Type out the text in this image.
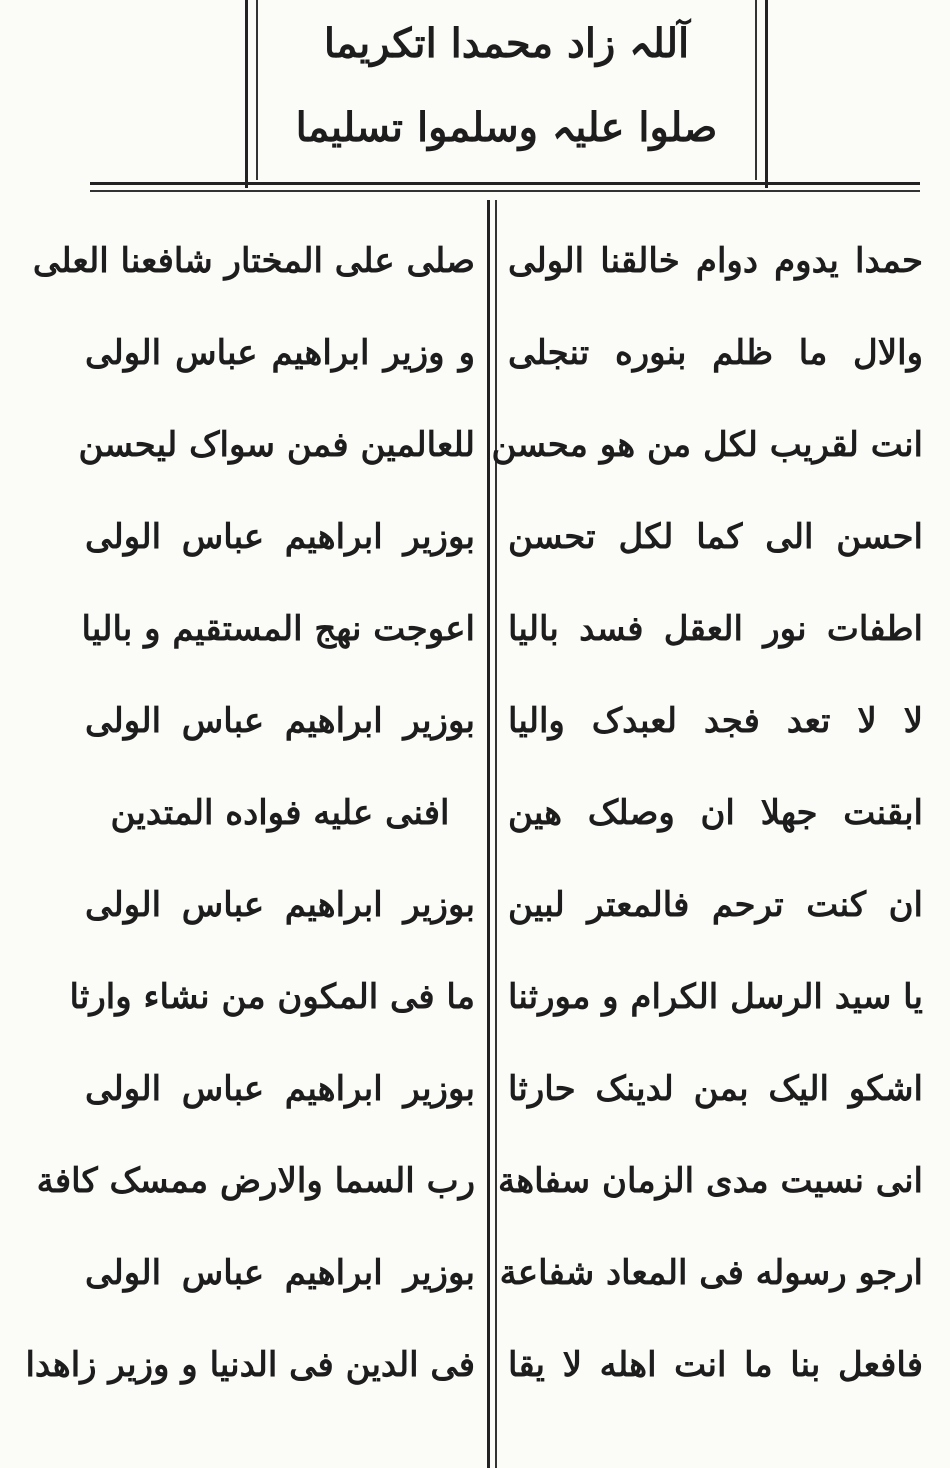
آللہ زاد محمدا اتکریما
صلوا علیہ وسلموا تسلیما
حمدا یدوم دوام خالقنا الولی
والال ما ظلم بنوره تنجلی
انت لقریب لکل من هو محسن
احسن الی کما لکل تحسن
اطفات نور العقل فسد بالیا
لا لا تعد فجد لعبدک والیا
ابقنت جهلا ان وصلک هین
ان کنت ترحم فالمعتر لبین
یا سید الرسل الکرام و مورثنا
اشکو الیک بمن لدینک حارثا
انی نسیت مدی الزمان سفاهة
ارجو رسوله فی المعاد شفاعة
فافعل بنا ما انت اهله لا یقا
صلی علی المختار شافعنا العلی
و وزیر ابراهیم عباس الولی
للعالمین فمن سواک لیحسن
بوزیر ابراهیم عباس الولی
اعوجت نهج المستقیم و بالیا
بوزیر ابراهیم عباس الولی
افنی علیه فواده المتدین
بوزیر ابراهیم عباس الولی
ما فی المکون من نشاء وارثا
بوزیر ابراهیم عباس الولی
رب السما والارض ممسک کافة
بوزیر ابراهیم عباس الولی
فی الدین فی الدنیا و وزیر زاهدا
